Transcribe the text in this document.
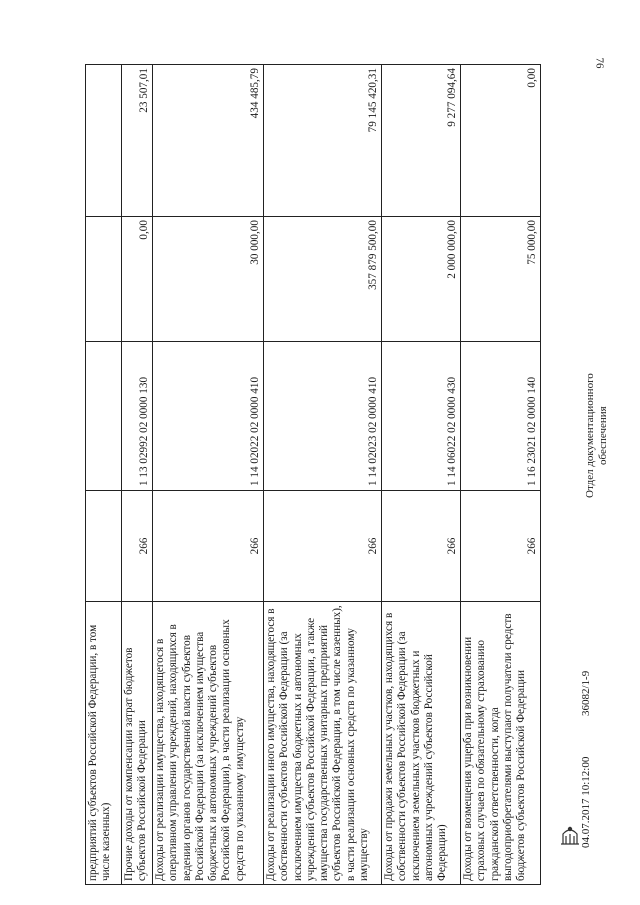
76
предприятий субъектов Российской Федерации, в том числе казенных)				
Прочие доходы от компенсации затрат бюджетов субъектов Российской Федерации	266	1 13 02992 02 0000 130	0,00	23 507,01
Доходы от реализации имущества, находящегося в оперативном управлении учреждений, находящихся в ведении органов государственной власти субъектов Российской Федерации (за исключением имущества бюджетных и автономных учреждений субъектов Российской Федерации), в части реализации основных средств по указанному имуществу	266	1 14 02022 02 0000 410	30 000,00	434 485,79
Доходы от реализации иного имущества, находящегося в собственности субъектов Российской Федерации (за исключением имущества бюджетных и автономных учреждений субъектов Российской Федерации, а также имущества государственных унитарных предприятий субъектов Российской Федерации, в том числе казенных), в части реализации основных средств по указанному имуществу	266	1 14 02023 02 0000 410	357 879 500,00	79 145 420,31
Доходы от продажи земельных участков, находящихся в собственности субъектов Российской Федерации (за исключением земельных участков бюджетных и автономных учреждений субъектов Российской Федерации)	266	1 14 06022 02 0000 430	2 000 000,00	9 277 094,64
Доходы от возмещения ущерба при возникновении страховых случаев по обязательному страхованию гражданской ответственности, когда выгодоприобретателями выступают получатели средств бюджетов субъектов Российской Федерации	266	1 16 23021 02 0000 140	75 000,00	0,00
04.07.2017 10:12:00
36082/1-9
Отдел документационного обеспечения
